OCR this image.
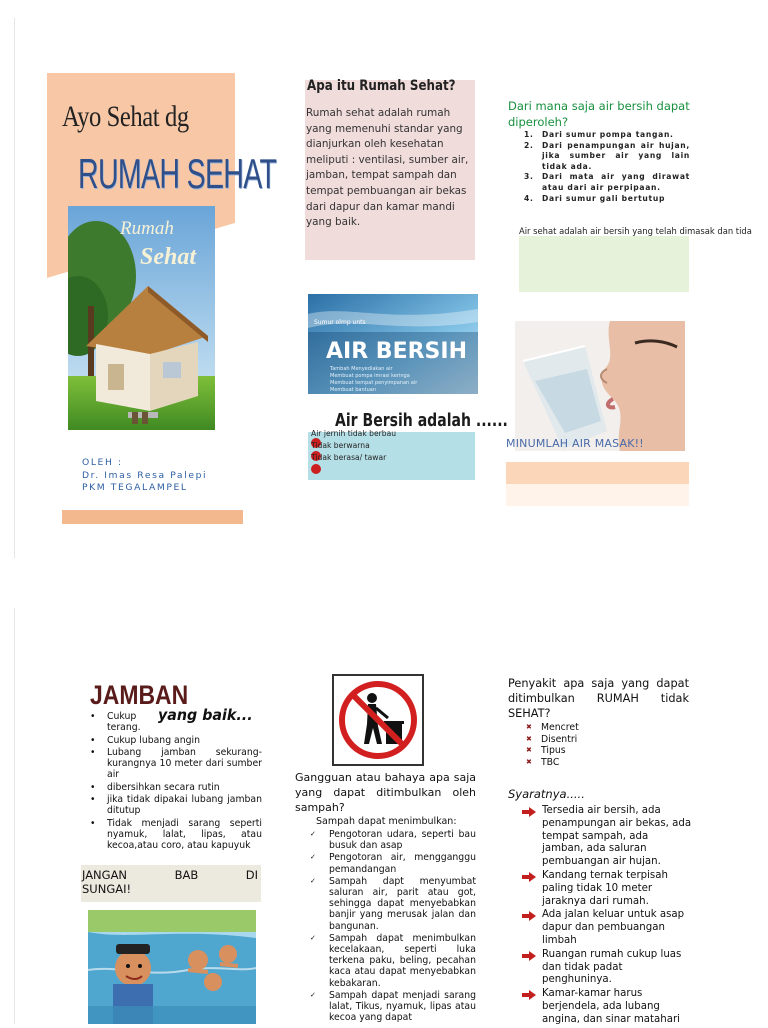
Ayo Sehat dg
RUMAH SEHAT
Rumah
Sehat
OLEH :
Dr. Imas Resa Palepi
PKM TEGALAMPEL
Apa itu Rumah Sehat?
Rumah sehat adalah rumah yang memenuhi standar yang dianjurkan oleh kesehatan meliputi : ventilasi, sumber air, jamban, tempat sampah dan tempat pembuangan air bekas dari dapur dan kamar mandi yang baik.
Sumur olmp unts
AIR BERSIH
Tambah Menyediakan air
Membuat pompa imrasi keringa
Membuat tempat penyimpanan air
Membuat bantuan
Air Bersih adalah ......
Air jernih tidak berbau
Tidak berwarna
Tidak berasa/ tawar
Dari mana saja air bersih dapat diperoleh?
1. Dari sumur pompa tangan.
2. Dari penampungan air hujan, jika sumber air yang lain tidak ada.
3. Dari mata air yang dirawat atau dari air perpipaan.
4. Dari sumur gali bertutup
Air sehat adalah air bersih yang telah dimasak dan tida
MINUMLAH AIR MASAK!!
JAMBAN
yang baik...
• Cukup terang.
• Cukup lubang angin
• Lubang jamban sekurang-kurangnya 10 meter dari sumber air
• dibersihkan secara rutin
• jika tidak dipakai lubang jamban ditutup
• Tidak menjadi sarang seperti nyamuk, lalat, lipas, atau kecoa,atau coro, atau kapuyuk
JANGAN BAB DI
SUNGAI!
Gangguan atau bahaya apa saja yang dapat ditimbulkan oleh sampah?
Sampah dapat menimbulkan:
✓ Pengotoran udara, seperti bau busuk dan asap
✓ Pengotoran air, mengganggu pemandangan
✓ Sampah dapt menyumbat saluran air, parit atau got, sehingga dapat menyebabkan banjir yang merusak jalan dan bangunan.
✓ Sampah dapat menimbulkan kecelakaan, seperti luka terkena paku, beling, pecahan kaca atau dapat menyebabkan kebakaran.
✓ Sampah dapat menjadi sarang lalat, Tikus, nyamuk, lipas atau kecoa yang dapat
Penyakit apa saja yang dapat ditimbulkan RUMAH tidak SEHAT?
✖ Mencret
✖ Disentri
✖ Tipus
✖ TBC
Syaratnya.....
Tersedia air bersih, ada penampungan air bekas, ada tempat sampah, ada jamban, ada saluran pembuangan air hujan.
Kandang ternak terpisah paling tidak 10 meter jaraknya dari rumah.
Ada jalan keluar untuk asap dapur dan pembuangan limbah
Ruangan rumah cukup luas dan tidak padat penghuninya.
Kamar-kamar harus berjendela, ada lubang angina, dan sinar matahari
